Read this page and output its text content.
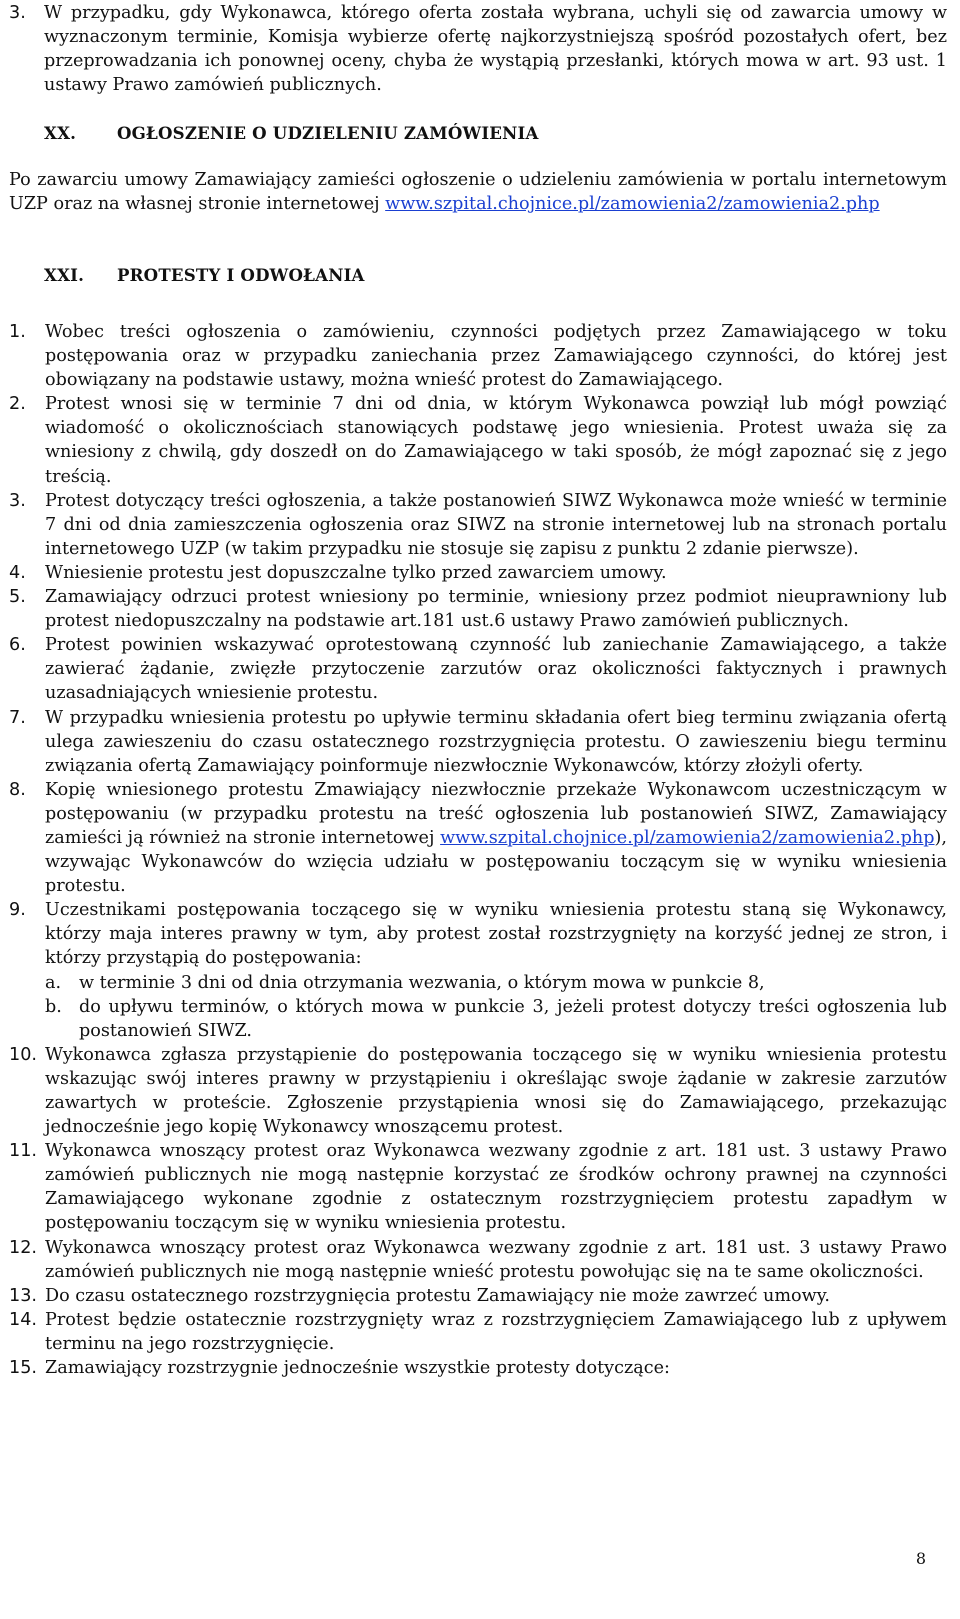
3. W przypadku, gdy Wykonawca, którego oferta została wybrana, uchyli się od zawarcia umowy w wyznaczonym terminie, Komisja wybierze ofertę najkorzystniejszą spośród pozostałych ofert, bez przeprowadzania ich ponownej oceny, chyba że wystąpią przesłanki, których mowa w art. 93 ust. 1 ustawy Prawo zamówień publicznych.
XX. OGŁOSZENIE O UDZIELENIU ZAMÓWIENIA

Po zawarciu umowy Zamawiający zamieści ogłoszenie o udzieleniu zamówienia w portalu internetowym UZP oraz na własnej stronie internetowej www.szpital.chojnice.pl/zamowienia2/zamowienia2.php

XXI. PROTESTY I ODWOŁANIA
1. Wobec treści ogłoszenia o zamówieniu, czynności podjętych przez Zamawiającego w toku postępowania oraz w przypadku zaniechania przez Zamawiającego czynności, do której jest obowiązany na podstawie ustawy, można wnieść protest do Zamawiającego.
2. Protest wnosi się w terminie 7 dni od dnia, w którym Wykonawca powziął lub mógł powziąć wiadomość o okolicznościach stanowiących podstawę jego wniesienia. Protest uważa się za wniesiony z chwilą, gdy doszedł on do Zamawiającego w taki sposób, że mógł zapoznać się z jego treścią.
3. Protest dotyczący treści ogłoszenia, a także postanowień SIWZ Wykonawca może wnieść w terminie 7 dni od dnia zamieszczenia ogłoszenia oraz SIWZ na stronie internetowej lub na stronach portalu internetowego UZP (w takim przypadku nie stosuje się zapisu z punktu 2 zdanie pierwsze).
4. Wniesienie protestu jest dopuszczalne tylko przed zawarciem umowy.
5. Zamawiający odrzuci protest wniesiony po terminie, wniesiony przez podmiot nieuprawniony lub protest niedopuszczalny na podstawie art.181 ust.6 ustawy Prawo zamówień publicznych.
6. Protest powinien wskazywać oprotestowaną czynność lub zaniechanie Zamawiającego, a także zawierać żądanie, zwięzłe przytoczenie zarzutów oraz okoliczności faktycznych i prawnych uzasadniających wniesienie protestu.
7. W przypadku wniesienia protestu po upływie terminu składania ofert bieg terminu związania ofertą ulega zawieszeniu do czasu ostatecznego rozstrzygnięcia protestu. O zawieszeniu biegu terminu związania ofertą Zamawiający poinformuje niezwłocznie Wykonawców, którzy złożyli oferty.
8. Kopię wniesionego protestu Zmawiający niezwłocznie przekaże Wykonawcom uczestniczącym w postępowaniu (w przypadku protestu na treść ogłoszenia lub postanowień SIWZ, Zamawiający zamieści ją również na stronie internetowej www.szpital.chojnice.pl/zamowienia2/zamowienia2.php), wzywając Wykonawców do wzięcia udziału w postępowaniu toczącym się w wyniku wniesienia protestu.
9. Uczestnikami postępowania toczącego się w wyniku wniesienia protestu staną się Wykonawcy, którzy maja interes prawny w tym, aby protest został rozstrzygnięty na korzyść jednej ze stron, i którzy przystąpią do postępowania:
a. w terminie 3 dni od dnia otrzymania wezwania, o którym mowa w punkcie 8,
b. do upływu terminów, o których mowa w punkcie 3, jeżeli protest dotyczy treści ogłoszenia lub postanowień SIWZ.
10. Wykonawca zgłasza przystąpienie do postępowania toczącego się w wyniku wniesienia protestu wskazując swój interes prawny w przystąpieniu i określając swoje żądanie w zakresie zarzutów zawartych w proteście. Zgłoszenie przystąpienia wnosi się do Zamawiającego, przekazując jednocześnie jego kopię Wykonawcy wnoszącemu protest.
11. Wykonawca wnoszący protest oraz Wykonawca wezwany zgodnie z art. 181 ust. 3 ustawy Prawo zamówień publicznych nie mogą następnie korzystać ze środków ochrony prawnej na czynności Zamawiającego wykonane zgodnie z ostatecznym rozstrzygnięciem protestu zapadłym w postępowaniu toczącym się w wyniku wniesienia protestu.
12. Wykonawca wnoszący protest oraz Wykonawca wezwany zgodnie z art. 181 ust. 3 ustawy Prawo zamówień publicznych nie mogą następnie wnieść protestu powołując się na te same okoliczności.
13. Do czasu ostatecznego rozstrzygnięcia protestu Zamawiający nie może zawrzeć umowy.
14. Protest będzie ostatecznie rozstrzygnięty wraz z rozstrzygnięciem Zamawiającego lub z upływem terminu na jego rozstrzygnięcie.
15. Zamawiający rozstrzygnie jednocześnie wszystkie protesty dotyczące:
8
